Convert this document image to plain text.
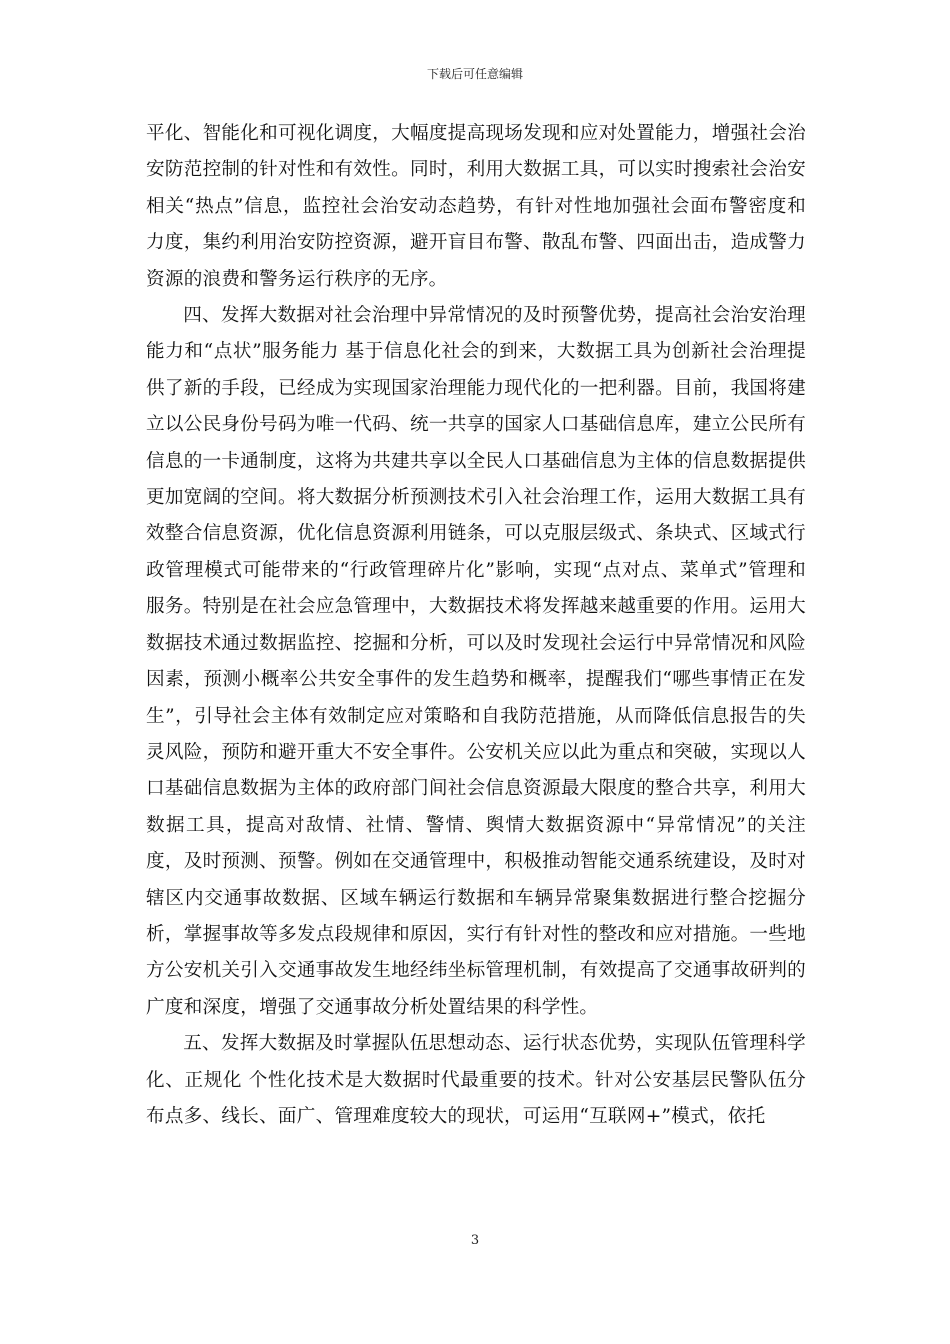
下载后可任意编辑

平化、智能化和可视化调度，大幅度提高现场发现和应对处置能力，增强社会治安防范控制的针对性和有效性。同时，利用大数据工具，可以实时搜索社会治安相关“热点”信息，监控社会治安动态趋势，有针对性地加强社会面布警密度和力度，集约利用治安防控资源，避开盲目布警、散乱布警、四面出击，造成警力资源的浪费和警务运行秩序的无序。

四、发挥大数据对社会治理中异常情况的及时预警优势，提高社会治安治理能力和“点状”服务能力 基于信息化社会的到来，大数据工具为创新社会治理提供了新的手段，已经成为实现国家治理能力现代化的一把利器。目前，我国将建立以公民身份号码为唯一代码、统一共享的国家人口基础信息库，建立公民所有信息的一卡通制度，这将为共建共享以全民人口基础信息为主体的信息数据提供更加宽阔的空间。将大数据分析预测技术引入社会治理工作，运用大数据工具有效整合信息资源，优化信息资源利用链条，可以克服层级式、条块式、区域式行政管理模式可能带来的“行政管理碎片化”影响，实现“点对点、菜单式”管理和服务。特别是在社会应急管理中，大数据技术将发挥越来越重要的作用。运用大数据技术通过数据监控、挖掘和分析，可以及时发现社会运行中异常情况和风险因素，预测小概率公共安全事件的发生趋势和概率，提醒我们“哪些事情正在发生”，引导社会主体有效制定应对策略和自我防范措施，从而降低信息报告的失灵风险，预防和避开重大不安全事件。公安机关应以此为重点和突破，实现以人口基础信息数据为主体的政府部门间社会信息资源最大限度的整合共享，利用大数据工具，提高对敌情、社情、警情、舆情大数据资源中“异常情况”的关注度，及时预测、预警。例如在交通管理中，积极推动智能交通系统建设，及时对辖区内交通事故数据、区域车辆运行数据和车辆异常聚集数据进行整合挖掘分析，掌握事故等多发点段规律和原因，实行有针对性的整改和应对措施。一些地方公安机关引入交通事故发生地经纬坐标管理机制，有效提高了交通事故研判的广度和深度，增强了交通事故分析处置结果的科学性。

五、发挥大数据及时掌握队伍思想动态、运行状态优势，实现队伍管理科学化、正规化 个性化技术是大数据时代最重要的技术。针对公安基层民警队伍分布点多、线长、面广、管理难度较大的现状，可运用“互联网+”模式，依托

3
